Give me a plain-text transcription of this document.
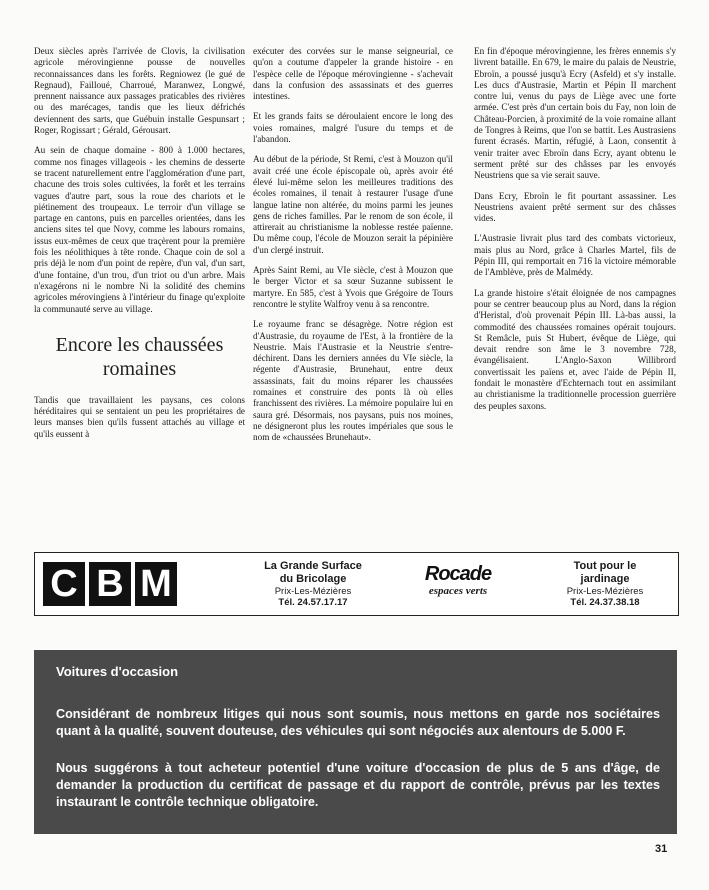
Deux siècles après l'arrivée de Clovis, la civilisation agricole mérovingienne pousse de nouvelles reconnaissances dans les forêts. Regniowez (le gué de Regnaud), Failloué, Charroué, Maranwez, Longwé, prennent naissance aux passages praticables des rivières ou des marécages, tandis que les lieux défrichés deviennent des sarts, que Guébuin installe Gespunsart ; Roger, Rogissart ; Gérald, Gérousart.

Au sein de chaque domaine - 800 à 1.000 hectares, comme nos finages villageois - les chemins de desserte se tracent naturellement entre l'agglomération d'une part, chacune des trois soles cultivées, la forêt et les terrains vagues d'autre part, sous la roue des chariots et le piétinement des troupeaux. Le terroir d'un village se partage en cantons, puis en parcelles orientées, dans les anciens sites tel que Novy, comme les labours romains, issus eux-mêmes de ceux que traçèrent pour la première fois les néolithiques à tête ronde. Chaque coin de sol a pris déjà le nom d'un point de repère, d'un val, d'un sart, d'une fontaine, d'un trou, d'un triot ou d'un arbre. Mais n'exagérons ni le nombre Ni la solidité des chemins agricoles mérovingiens à l'intérieur du finage qu'exploite la communauté serve au village.

Encore les chaussées romaines

Tandis que travaillaient les paysans, ces colons héréditaires qui se sentaient un peu les propriétaires de leurs manses bien qu'ils fussent attachés au village et qu'ils eussent à

exécuter des corvées sur le manse seigneurial, ce qu'on a coutume d'appeler la grande histoire - en l'espèce celle de l'époque mérovingienne - s'achevait dans la confusion des assassinats et des guerres intestines.

Et les grands faits se déroulaient encore le long des voies romaines, malgré l'usure du temps et de l'abandon.

Au début de la période, St Remi, c'est à Mouzon qu'il avait créé une école épiscopale où, après avoir été élevé lui-même selon les meilleures traditions des écoles romaines, il tenait à restaurer l'usage d'une langue latine non altérée, du moins parmi les jeunes gens de riches familles. Par le renom de son école, il attirerait au christianisme la noblesse restée païenne. Du même coup, l'école de Mouzon serait la pépinière d'un clergé instruit.

Après Saint Remi, au VIe siècle, c'est à Mouzon que le berger Victor et sa sœur Suzanne subissent le martyre. En 585, c'est à Yvois que Grégoire de Tours rencontre le stylite Walfroy venu à sa rencontre.

Le royaume franc se désagrège. Notre région est d'Austrasie, du royaume de l'Est, à la frontière de la Neustrie. Mais l'Austrasie et la Neustrie s'entre-déchirent. Dans les derniers années du VIe siècle, la régente d'Austrasie, Brunehaut, entre deux assassinats, fait du moins réparer les chaussées romaines et construire des ponts là où elles franchissent des rivières. La mémoire populaire lui en saura gré. Désormais, nos paysans, puis nos moines, ne désigneront plus les routes impériales que sous le nom de «chaussées Brunehaut».

En fin d'époque mérovingienne, les frères ennemis s'y livrent bataille. En 679, le maire du palais de Neustrie, Ebroïn, a poussé jusqu'à Ecry (Asfeld) et s'y installe. Les ducs d'Austrasie, Martin et Pépin II marchent contre lui, venus du pays de Liège avec une forte armée. C'est près d'un certain bois du Fay, non loin de Château-Porcien, à proximité de la voie romaine allant de Tongres à Reims, que l'on se battit. Les Austrasiens furent écrasés. Martin, réfugié, à Laon, consentit à venir traiter avec Ebroïn dans Ecry, ayant obtenu le serment prêté sur des châsses par les envoyés Neustriens que sa vie serait sauve.

Dans Ecry, Ebroïn le fit pourtant assassiner. Les Neustriens avaient prêté serment sur des châsses vides.

L'Austrasie livrait plus tard des combats victorieux, mais plus au Nord, grâce à Charles Martel, fils de Pépin III, qui remportait en 716 la victoire mémorable de l'Amblève, près de Malmédy.

La grande histoire s'était éloignée de nos campagnes pour se centrer beaucoup plus au Nord, dans la région d'Heristal, d'où provenait Pépin III. Là-bas aussi, la commodité des chaussées romaines opérait toujours. St Remâcle, puis St Hubert, évêque de Liège, qui devait rendre son âme le 3 novembre 728, évangélisaient. L'Anglo-Saxon Willibrord convertissait les païens et, avec l'aide de Pépin II, fondait le monastère d'Echternach tout en assimilant au christianisme la traditionnelle procession guerrière des peuples saxons.

C B M	La Grande Surface
du Bricolage
Prix-Les-Mézières
Tél. 24.57.17.17
Rocade
espaces verts
Tout pour le
jardinage
Prix-Les-Mézières
Tél. 24.37.38.18
Voitures d'occasion

Considérant de nombreux litiges qui nous sont soumis, nous mettons en garde nos sociétaires quant à la qualité, souvent douteuse, des véhicules qui sont négociés aux alentours de 5.000 F.

Nous suggérons à tout acheteur potentiel d'une voiture d'occasion de plus de 5 ans d'âge, de demander la production du certificat de passage et du rapport de contrôle, prévus par les textes instaurant le contrôle technique obligatoire.

31
